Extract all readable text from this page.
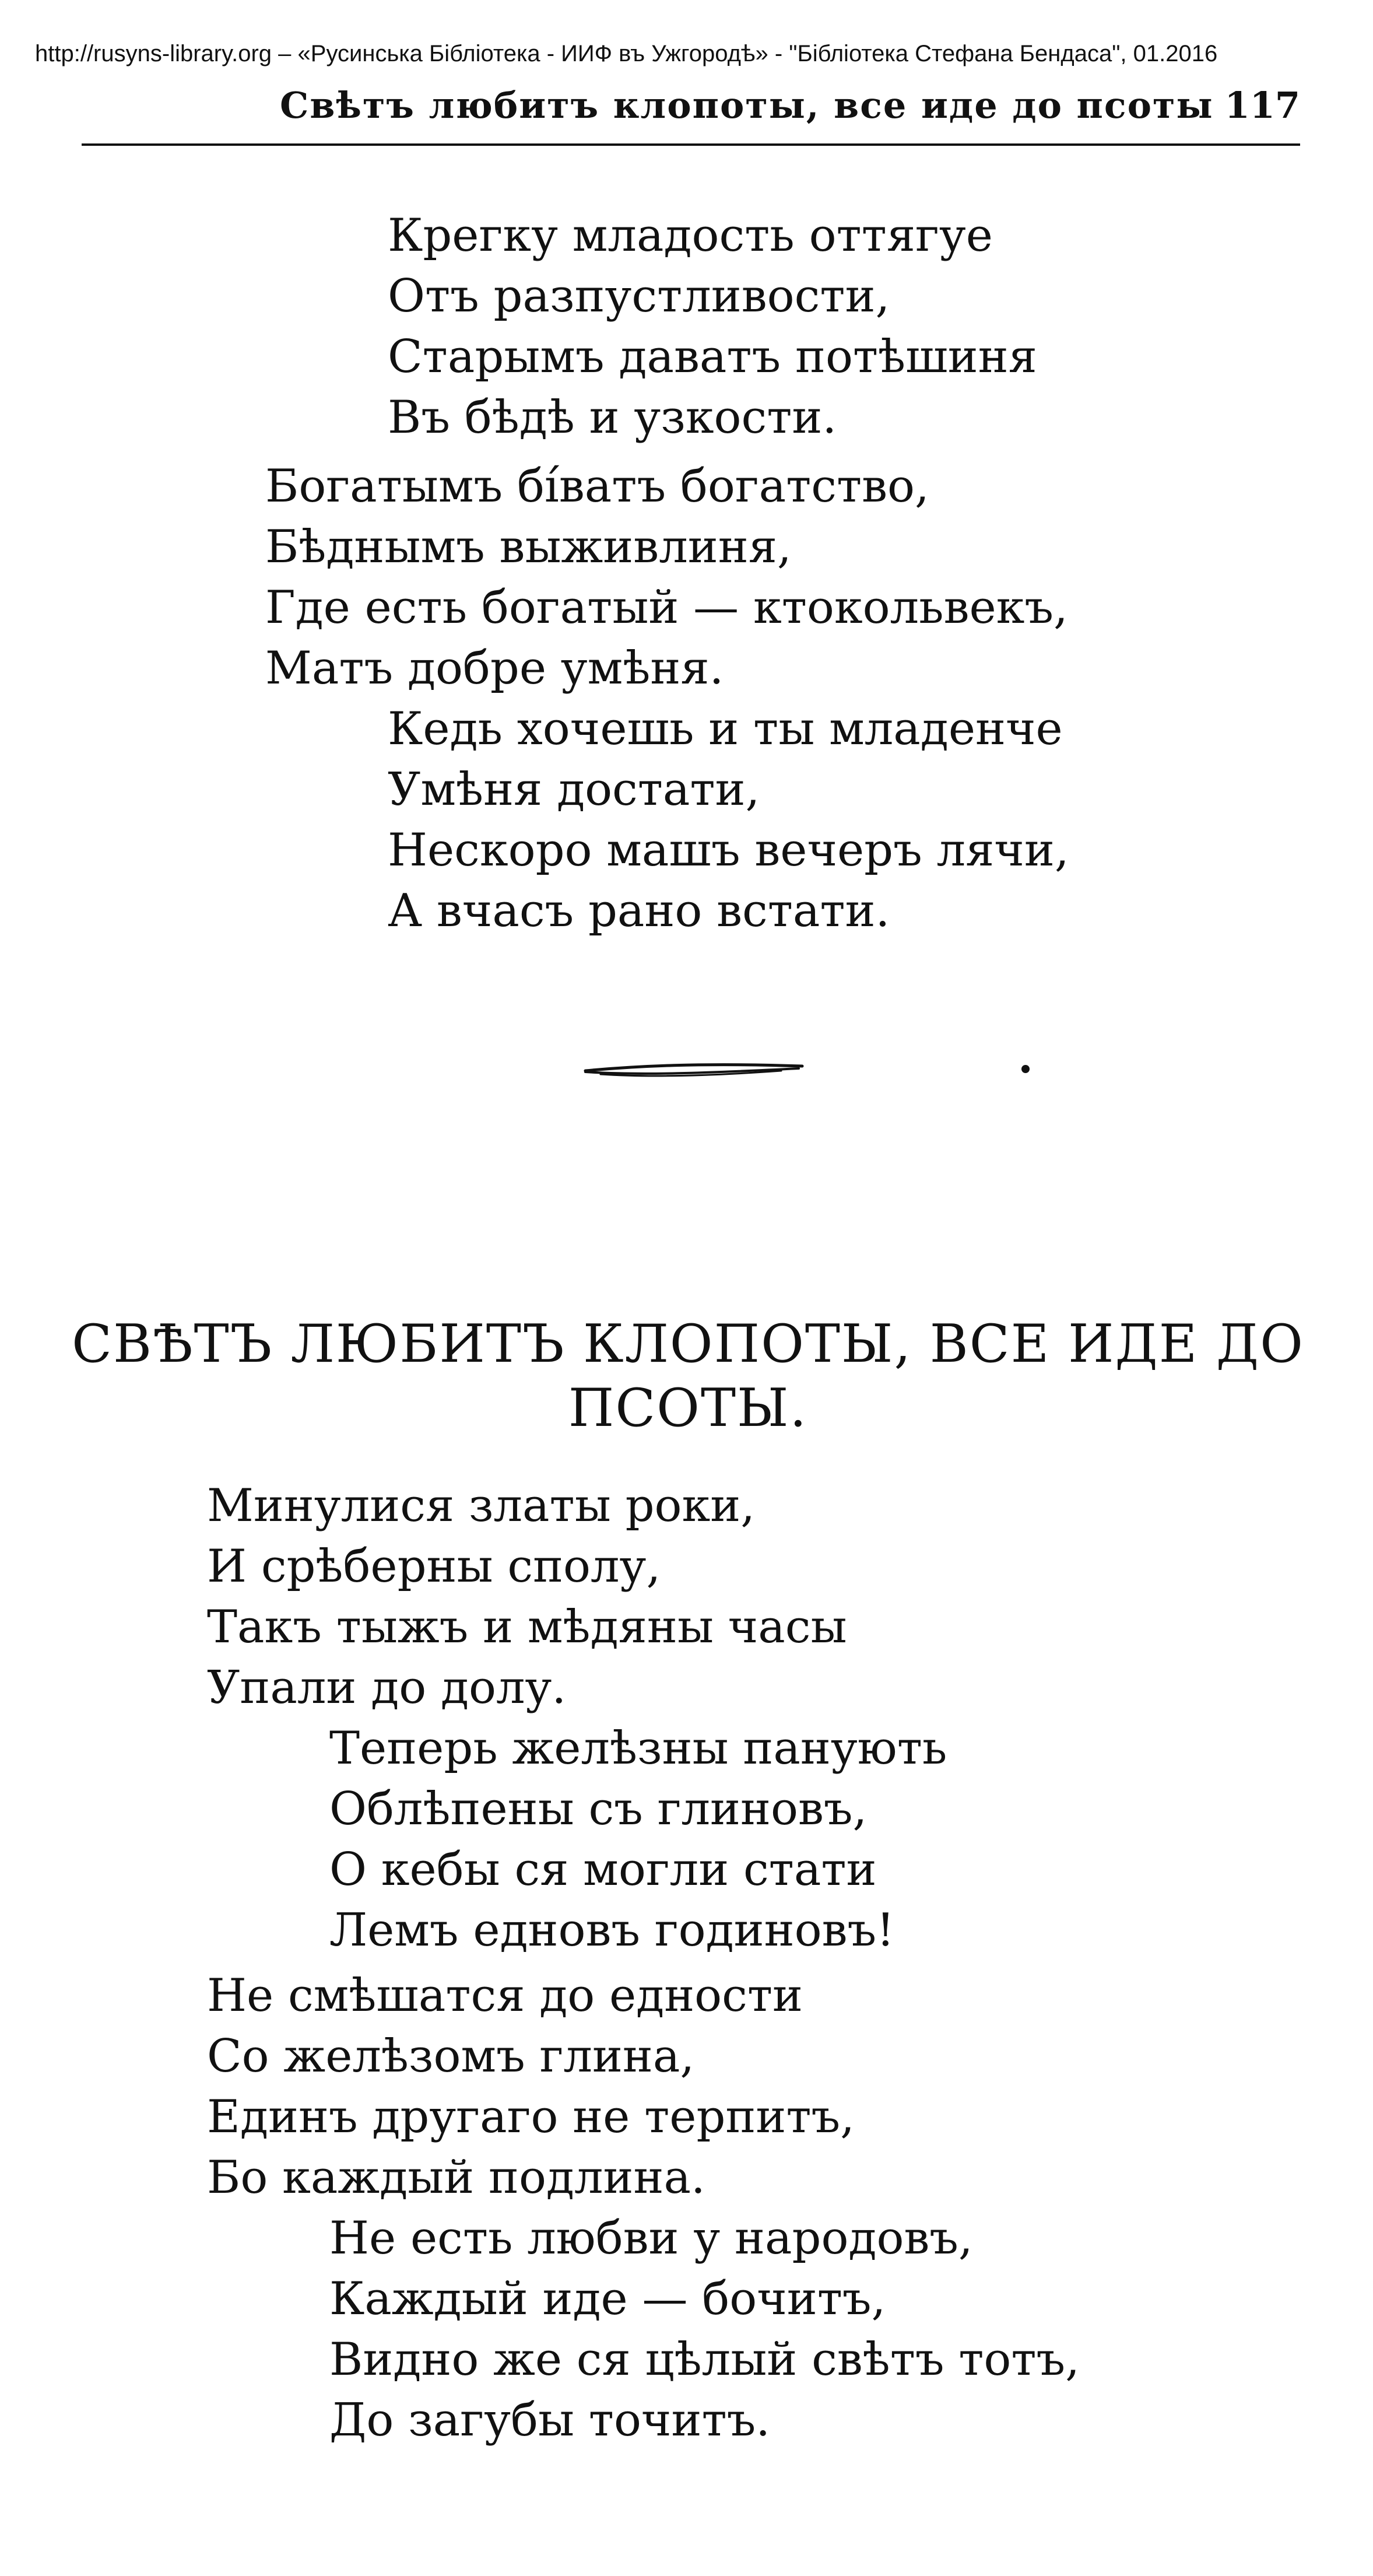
http://rusyns-library.org – «Русинська Бібліотека - ИИФ въ Ужгородѣ» - "Бібліотека Стефана Бендаса", 01.2016
Свѣтъ любитъ клопоты, все иде до псоты 117
Крегку младость оттягуе
Отъ разпустливости,
Старымъ даватъ потѣшиня
Въ бѣдѣ и узкости.
Богатымъ бíватъ богатство,
Бѣднымъ выживлиня,
Где есть богатый — ктокольвекъ,
Матъ добре умѣня.
Кедь хочешь и ты младенче
Умѣня достати,
Нескоро машъ вечеръ лячи,
А вчасъ рано встати.
СВѢТЪ ЛЮБИТЪ КЛОПОТЫ, ВСЕ ИДЕ ДО ПСОТЫ.
Минулися златы роки,
И срѣберны сполу,
Такъ тыжъ и мѣдяны часы
Упали до долу.
Теперь желѣзны панують
Облѣпены съ глиновъ,
О кебы ся могли стати
Лемъ едновъ годиновъ!
Не смѣшатся до едности
Со желѣзомъ глина,
Единъ другаго не терпитъ,
Бо каждый подлина.
Не есть любви у народовъ,
Каждый иде — бочитъ,
Видно же ся цѣлый свѣтъ тотъ,
До загубы точитъ.
